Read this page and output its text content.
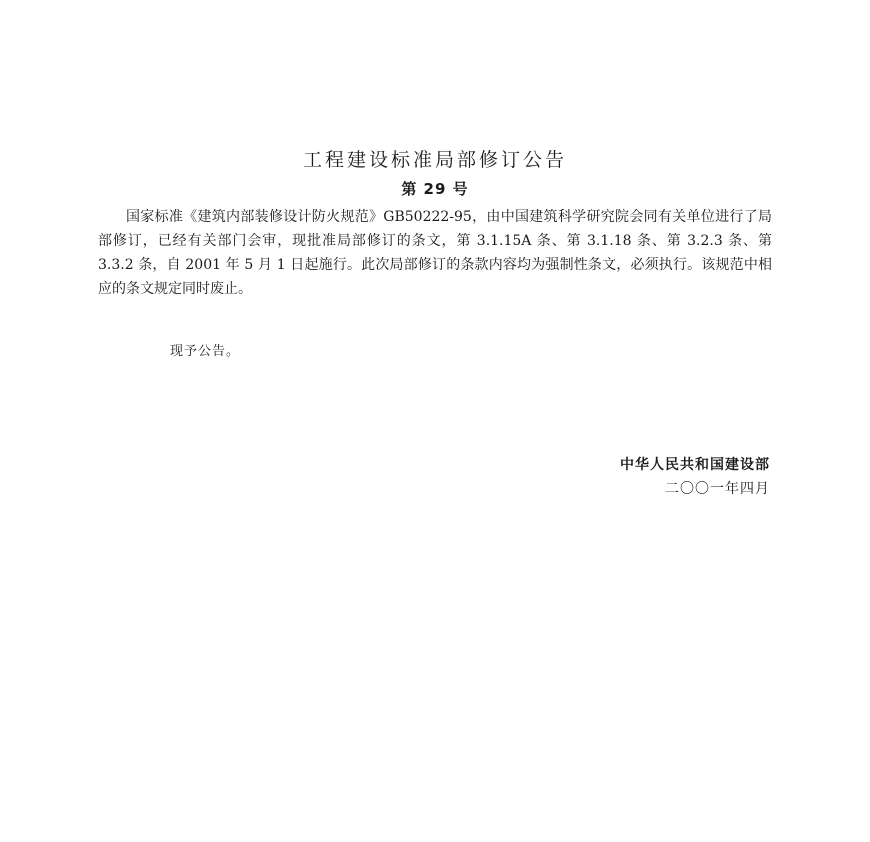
工程建设标准局部修订公告
第 29 号

国家标准《建筑内部装修设计防火规范》GB50222-95，由中国建筑科学研究院会同有关单位进行了局部修订，已经有关部门会审，现批准局部修订的条文，第 3.1.15A 条、第 3.1.18 条、第 3.2.3 条、第 3.3.2 条，自 2001 年 5 月 1 日起施行。此次局部修订的条款内容均为强制性条文，必须执行。该规范中相应的条文规定同时废止。

现予公告。
中华人民共和国建设部
二〇〇一年四月
